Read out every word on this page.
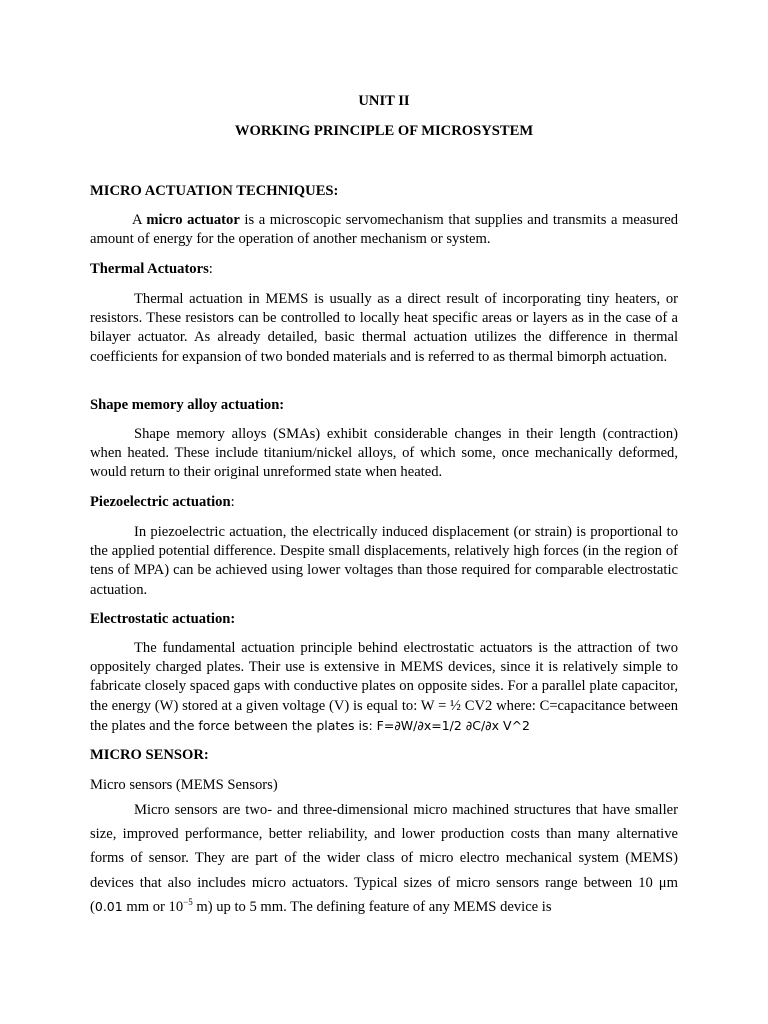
UNIT II
WORKING PRINCIPLE OF MICROSYSTEM
MICRO ACTUATION TECHNIQUES:
A micro actuator is a microscopic servomechanism that supplies and transmits a measured amount of energy for the operation of another mechanism or system.
Thermal Actuators:
Thermal actuation in MEMS is usually as a direct result of incorporating tiny heaters, or resistors. These resistors can be controlled to locally heat specific areas or layers as in the case of a bilayer actuator. As already detailed, basic thermal actuation utilizes the difference in thermal coefficients for expansion of two bonded materials and is referred to as thermal bimorph actuation.
Shape memory alloy actuation:
Shape memory alloys (SMAs) exhibit considerable changes in their length (contraction) when heated. These include titanium/nickel alloys, of which some, once mechanically deformed, would return to their original unreformed state when heated.
Piezoelectric actuation:
In piezoelectric actuation, the electrically induced displacement (or strain) is proportional to the applied potential difference. Despite small displacements, relatively high forces (in the region of tens of MPA) can be achieved using lower voltages than those required for comparable electrostatic actuation.
Electrostatic actuation:
The fundamental actuation principle behind electrostatic actuators is the attraction of two oppositely charged plates. Their use is extensive in MEMS devices, since it is relatively simple to fabricate closely spaced gaps with conductive plates on opposite sides. For a parallel plate capacitor, the energy (W) stored at a given voltage (V) is equal to: W = ½ CV2 where: C=capacitance between the plates and the force between the plates is: F=∂W/∂x=1/2 ∂C/∂x V^2
MICRO SENSOR:
Micro sensors (MEMS Sensors)
Micro sensors are two- and three-dimensional micro machined structures that have smaller size, improved performance, better reliability, and lower production costs than many alternative forms of sensor. They are part of the wider class of micro electro mechanical system (MEMS) devices that also includes micro actuators. Typical sizes of micro sensors range between 10 μm (0.01 mm or $10^{-5}$ m) up to 5 mm. The defining feature of any MEMS device is
